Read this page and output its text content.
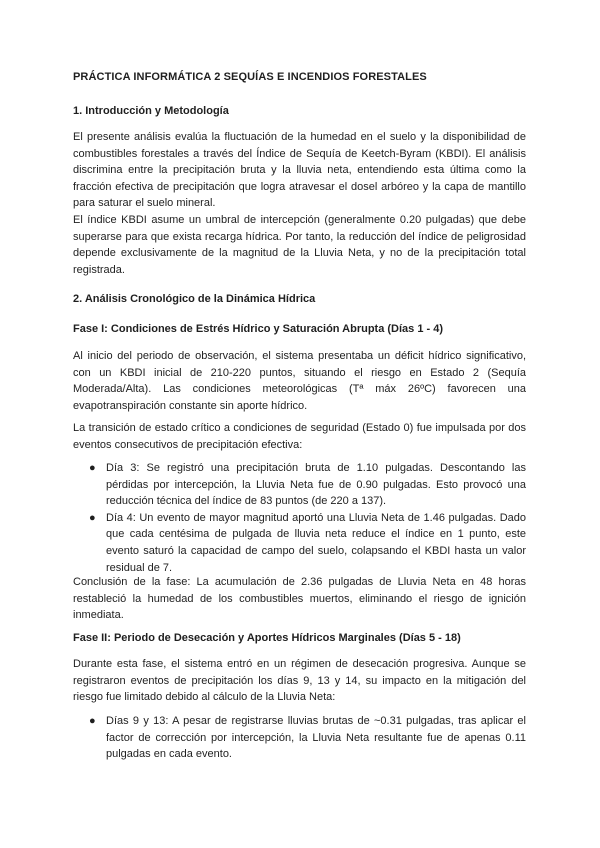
PRÁCTICA INFORMÁTICA 2 SEQUÍAS E INCENDIOS FORESTALES
1. Introducción y Metodología

El presente análisis evalúa la fluctuación de la humedad en el suelo y la disponibilidad de combustibles forestales a través del Índice de Sequía de Keetch-Byram (KBDI). El análisis discrimina entre la precipitación bruta y la lluvia neta, entendiendo esta última como la fracción efectiva de precipitación que logra atravesar el dosel arbóreo y la capa de mantillo para saturar el suelo mineral.

El índice KBDI asume un umbral de intercepción (generalmente 0.20 pulgadas) que debe superarse para que exista recarga hídrica. Por tanto, la reducción del índice de peligrosidad depende exclusivamente de la magnitud de la Lluvia Neta, y no de la precipitación total registrada.

2. Análisis Cronológico de la Dinámica Hídrica
Fase I: Condiciones de Estrés Hídrico y Saturación Abrupta (Días 1 - 4)

Al inicio del periodo de observación, el sistema presentaba un déficit hídrico significativo, con un KBDI inicial de 210-220 puntos, situando el riesgo en Estado 2 (Sequía Moderada/Alta). Las condiciones meteorológicas (Tª máx 26ºC) favorecen una evapotranspiración constante sin aporte hídrico.

La transición de estado crítico a condiciones de seguridad (Estado 0) fue impulsada por dos eventos consecutivos de precipitación efectiva:

● Día 3: Se registró una precipitación bruta de 1.10 pulgadas. Descontando las pérdidas por intercepción, la Lluvia Neta fue de 0.90 pulgadas. Esto provocó una reducción técnica del índice de 83 puntos (de 220 a 137).
● Día 4: Un evento de mayor magnitud aportó una Lluvia Neta de 1.46 pulgadas. Dado que cada centésima de pulgada de lluvia neta reduce el índice en 1 punto, este evento saturó la capacidad de campo del suelo, colapsando el KBDI hasta un valor residual de 7.

Conclusión de la fase: La acumulación de 2.36 pulgadas de Lluvia Neta en 48 horas restableció la humedad de los combustibles muertos, eliminando el riesgo de ignición inmediata.

Fase II: Periodo de Desecación y Aportes Hídricos Marginales (Días 5 - 18)

Durante esta fase, el sistema entró en un régimen de desecación progresiva. Aunque se registraron eventos de precipitación los días 9, 13 y 14, su impacto en la mitigación del riesgo fue limitado debido al cálculo de la Lluvia Neta:

● Días 9 y 13: A pesar de registrarse lluvias brutas de ~0.31 pulgadas, tras aplicar el factor de corrección por intercepción, la Lluvia Neta resultante fue de apenas 0.11 pulgadas en cada evento.
